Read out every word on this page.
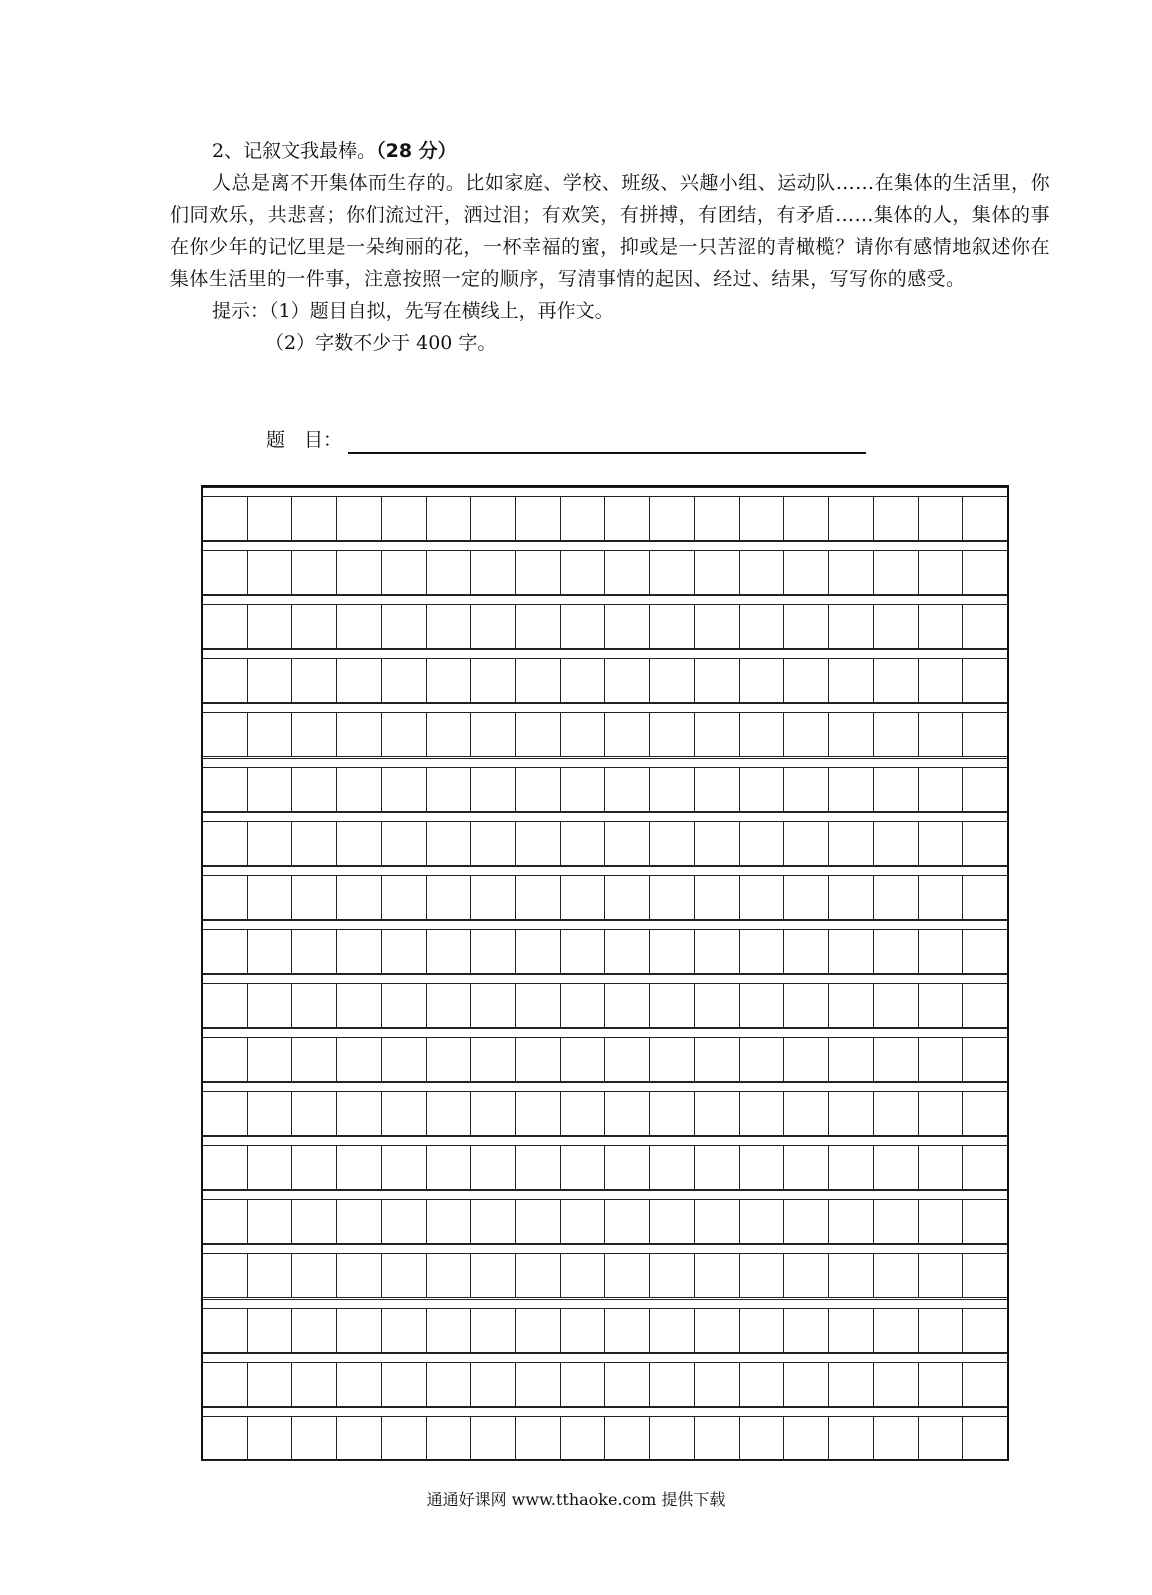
2、记叙文我最棒。（28 分）

人总是离不开集体而生存的。比如家庭、学校、班级、兴趣小组、运动队……在集体的生活里，你们同欢乐，共悲喜；你们流过汗，洒过泪；有欢笑，有拼搏，有团结，有矛盾……集体的人，集体的事在你少年的记忆里是一朵绚丽的花，一杯幸福的蜜，抑或是一只苦涩的青橄榄？请你有感情地叙述你在集体生活里的一件事，注意按照一定的顺序，写清事情的起因、经过、结果，写写你的感受。

提示：（1）题目自拟，先写在横线上，再作文。
（2）字数不少于 400 字。
题　目：
通通好课网 www.tthaoke.com 提供下载
